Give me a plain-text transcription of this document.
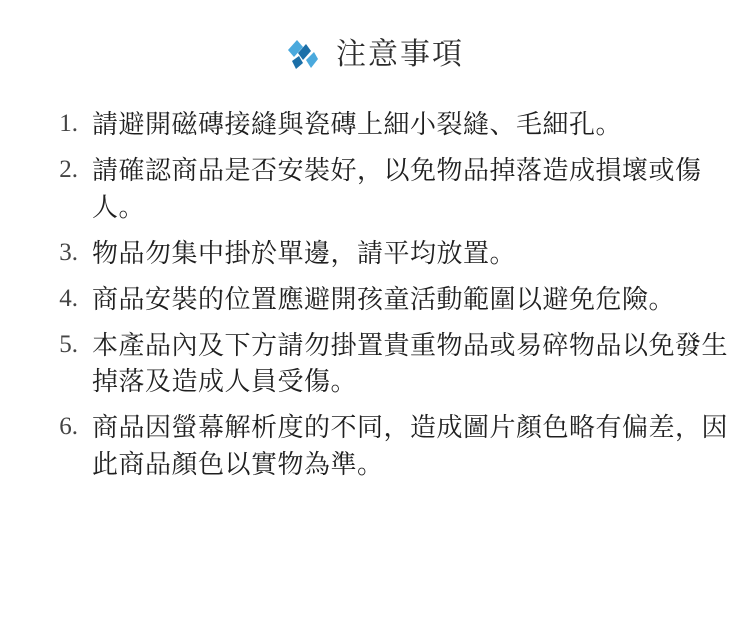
注意事項
1. 請避開磁磚接縫與瓷磚上細小裂縫、毛細孔。
2. 請確認商品是否安裝好，以免物品掉落造成損壞或傷人。
3. 物品勿集中掛於單邊，請平均放置。
4. 商品安裝的位置應避開孩童活動範圍以避免危險。
5. 本產品內及下方請勿掛置貴重物品或易碎物品以免發生掉落及造成人員受傷。
6. 商品因螢幕解析度的不同，造成圖片顏色略有偏差，因此商品顏色以實物為準。
